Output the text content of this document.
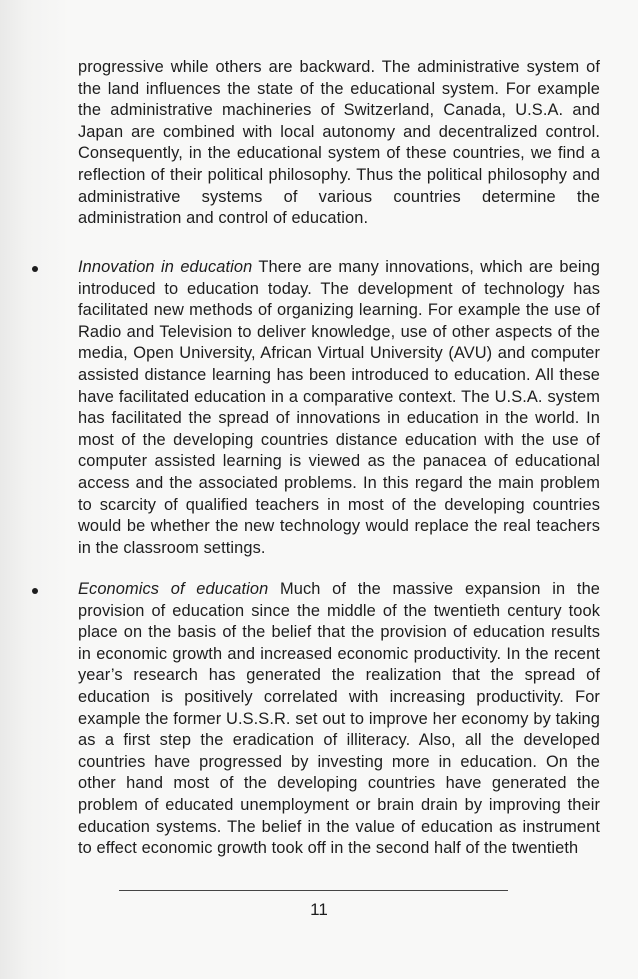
progressive while others are backward. The administrative system of the land influences the state of the educational system. For example the administrative machineries of Switzerland, Canada, U.S.A. and Japan are combined with local autonomy and decentralized control. Consequently, in the educational system of these countries, we find a reflection of their political philosophy. Thus the political philosophy and administrative systems of various countries determine the administration and control of education.

Innovation in education There are many innovations, which are being introduced to education today. The development of technology has facilitated new methods of organizing learning. For example the use of Radio and Television to deliver knowledge, use of other aspects of the media, Open University, African Virtual University (AVU) and computer assisted distance learning has been introduced to education. All these have facilitated education in a comparative context. The U.S.A. system has facilitated the spread of innovations in education in the world. In most of the developing countries distance education with the use of computer assisted learning is viewed as the panacea of educational access and the associated problems. In this regard the main problem to scarcity of qualified teachers in most of the developing countries would be whether the new technology would replace the real teachers in the classroom settings.
Economics of education Much of the massive expansion in the provision of education since the middle of the twentieth century took place on the basis of the belief that the provision of education results in economic growth and increased economic productivity. In the recent year’s research has generated the realization that the spread of education is positively correlated with increasing productivity. For example the former U.S.S.R. set out to improve her economy by taking as a first step the eradication of illiteracy. Also, all the developed countries have progressed by investing more in education. On the other hand most of the developing countries have generated the problem of educated unemployment or brain drain by improving their education systems. The belief in the value of education as instrument to effect economic growth took off in the second half of the twentieth
11
